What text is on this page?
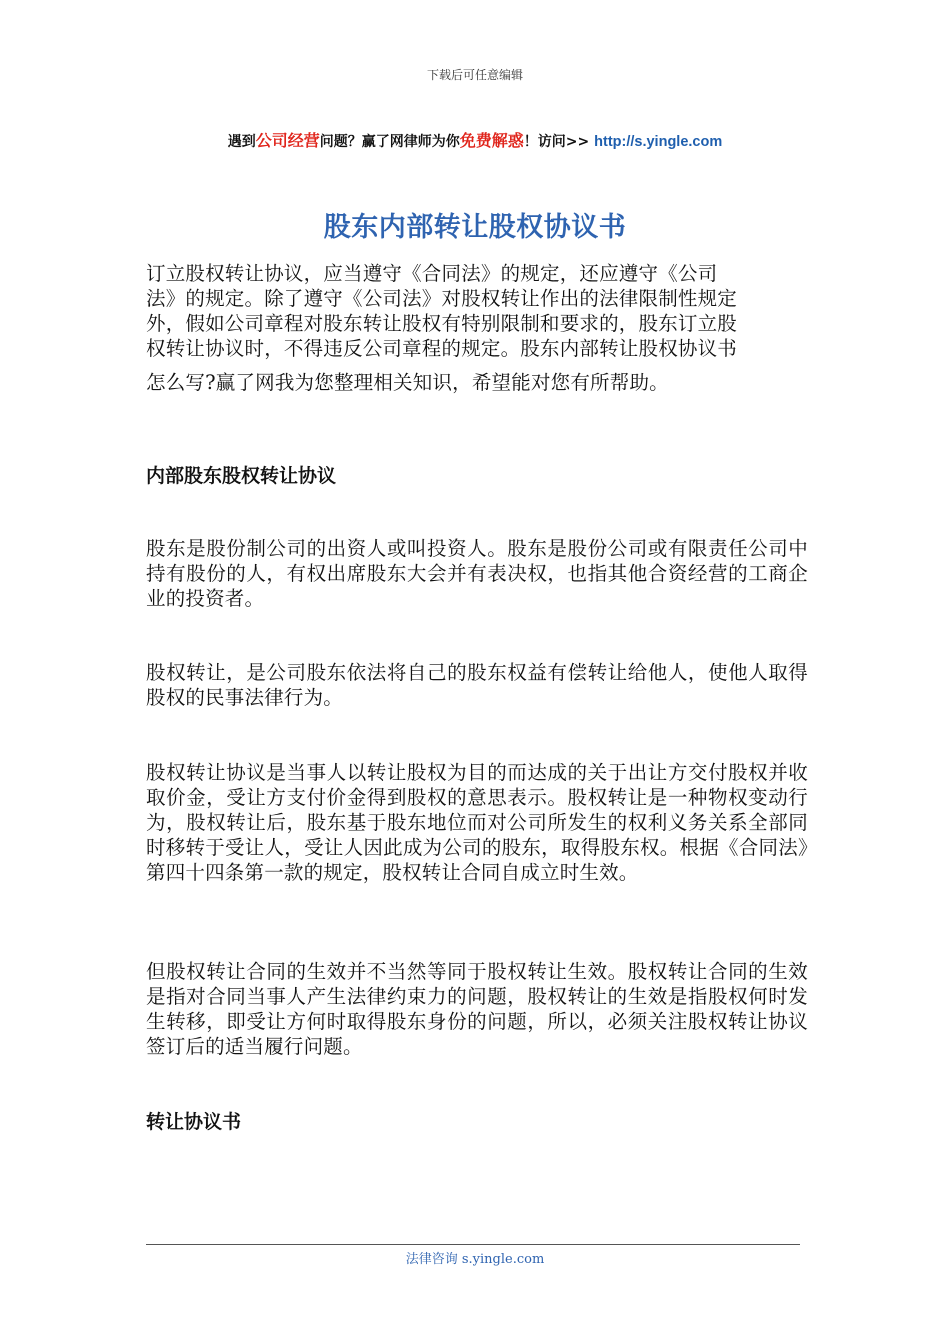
下载后可任意编辑
遇到公司经营问题？赢了网律师为你免费解惑！访问>> http://s.yingle.com
股东内部转让股权协议书

订立股权转让协议，应当遵守《合同法》的规定，还应遵守《公司

法》的规定。除了遵守《公司法》对股权转让作出的法律限制性规定

外，假如公司章程对股东转让股权有特别限制和要求的，股东订立股

权转让协议时，不得违反公司章程的规定。股东内部转让股权协议书

怎么写?赢了网我为您整理相关知识，希望能对您有所帮助。

内部股东股权转让协议

股东是股份制公司的出资人或叫投资人。股东是股份公司或有限责任公司中持有股份的人，有权出席股东大会并有表决权，也指其他合资经营的工商企业的投资者。

股权转让，是公司股东依法将自己的股东权益有偿转让给他人，使他人取得股权的民事法律行为。

股权转让协议是当事人以转让股权为目的而达成的关于出让方交付股权并收取价金，受让方支付价金得到股权的意思表示。股权转让是一种物权变动行为，股权转让后，股东基于股东地位而对公司所发生的权利义务关系全部同时移转于受让人，受让人因此成为公司的股东，取得股东权。根据《合同法》第四十四条第一款的规定，股权转让合同自成立时生效。

但股权转让合同的生效并不当然等同于股权转让生效。股权转让合同的生效是指对合同当事人产生法律约束力的问题，股权转让的生效是指股权何时发生转移，即受让方何时取得股东身份的问题，所以，必须关注股权转让协议签订后的适当履行问题。

转让协议书
法律咨询 s.yingle.com
